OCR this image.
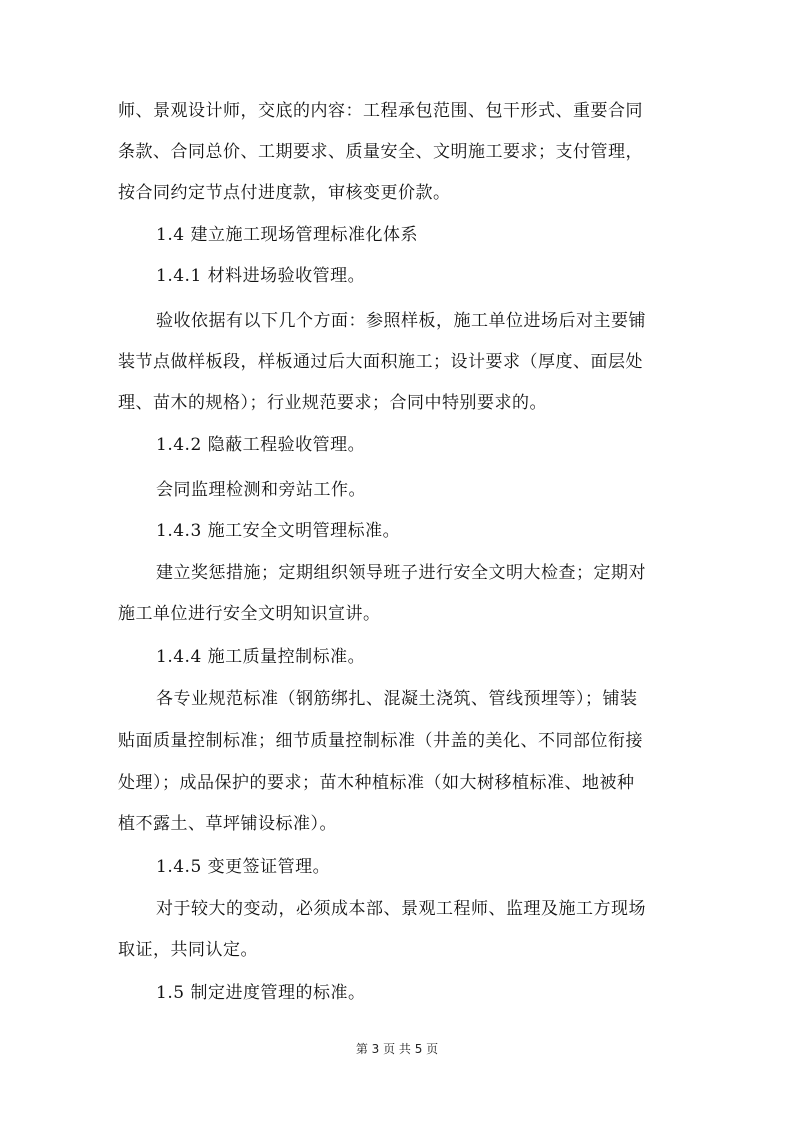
师、景观设计师，交底的内容：工程承包范围、包干形式、重要合同
条款、合同总价、工期要求、质量安全、文明施工要求；支付管理，
按合同约定节点付进度款，审核变更价款。
1.4 建立施工现场管理标准化体系
1.4.1 材料进场验收管理。
验收依据有以下几个方面：参照样板，施工单位进场后对主要铺
装节点做样板段，样板通过后大面积施工；设计要求（厚度、面层处
理、苗木的规格）；行业规范要求；合同中特别要求的。
1.4.2 隐蔽工程验收管理。
会同监理检测和旁站工作。
1.4.3 施工安全文明管理标准。
建立奖惩措施；定期组织领导班子进行安全文明大检查；定期对
施工单位进行安全文明知识宣讲。
1.4.4 施工质量控制标准。
各专业规范标准（钢筋绑扎、混凝土浇筑、管线预埋等）；铺装
贴面质量控制标准；细节质量控制标准（井盖的美化、不同部位衔接
处理）；成品保护的要求；苗木种植标准（如大树移植标准、地被种
植不露土、草坪铺设标准）。
1.4.5 变更签证管理。
对于较大的变动，必须成本部、景观工程师、监理及施工方现场
取证，共同认定。
1.5 制定进度管理的标准。
第 3 页 共 5 页
